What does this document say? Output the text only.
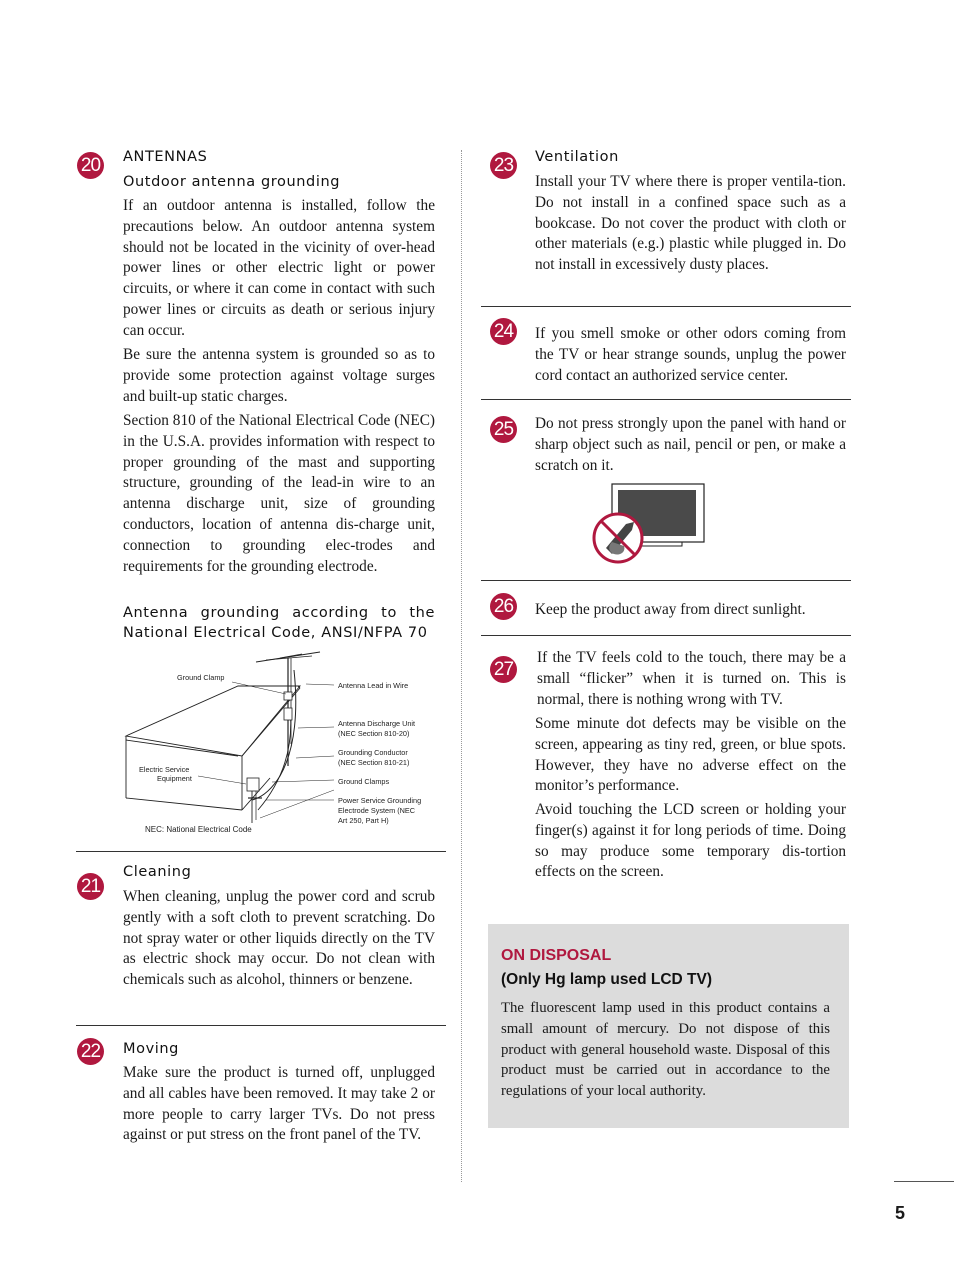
20 ANTENNAS
Outdoor antenna grounding

If an outdoor antenna is installed, follow the precautions below. An outdoor antenna system should not be located in the vicinity of over-head power lines or other electric light or power circuits, or where it can come in contact with such power lines or circuits as death or serious injury can occur.

Be sure the antenna system is grounded so as to provide some protection against voltage surges and built-up static charges.

Section 810 of the National Electrical Code (NEC) in the U.S.A. provides information with respect to proper grounding of the mast and supporting structure, grounding of the lead-in wire to an antenna discharge unit, size of grounding conductors, location of antenna dis-charge unit, connection to grounding elec-trodes and requirements for the grounding electrode.

Antenna grounding according to the National Electrical Code, ANSI/NFPA 70
Ground Clamp
Antenna Lead in Wire
Antenna Discharge Unit
(NEC Section 810-20)
Grounding Conductor
(NEC Section 810-21)
Electric Service
Equipment	Ground Clamps
Power Service Grounding
Electrode System (NEC
Art 250, Part H)
NEC: National Electrical Code
21
Cleaning

When cleaning, unplug the power cord and scrub gently with a soft cloth to prevent scratching. Do not spray water or other liquids directly on the TV as electric shock may occur. Do not clean with chemicals such as alcohol, thinners or benzene.

22 Moving

Make sure the product is turned off, unplugged and all cables have been removed. It may take 2 or more people to carry larger TVs. Do not press against or put stress on the front panel of the TV.

23 Ventilation

Install your TV where there is proper ventila-tion. Do not install in a confined space such as a bookcase. Do not cover the product with cloth or other materials (e.g.) plastic while plugged in. Do not install in excessively dusty places.

24 If you smell smoke or other odors coming from the TV or hear strange sounds, unplug the power cord contact an authorized service center.

25 Do not press strongly upon the panel with hand or sharp object such as nail, pencil or pen, or make a scratch on it.

26 Keep the product away from direct sunlight.

27

If the TV feels cold to the touch, there may be a small “flicker” when it is turned on. This is normal, there is nothing wrong with TV.

Some minute dot defects may be visible on the screen, appearing as tiny red, green, or blue spots. However, they have no adverse effect on the monitor’s performance.

Avoid touching the LCD screen or holding your finger(s) against it for long periods of time. Doing so may produce some temporary dis-tortion effects on the screen.

ON DISPOSAL
(Only Hg lamp used LCD TV)

The fluorescent lamp used in this product contains a small amount of mercury. Do not dispose of this product with general household waste. Disposal of this product must be carried out in accordance to the regulations of your local authority.

5
